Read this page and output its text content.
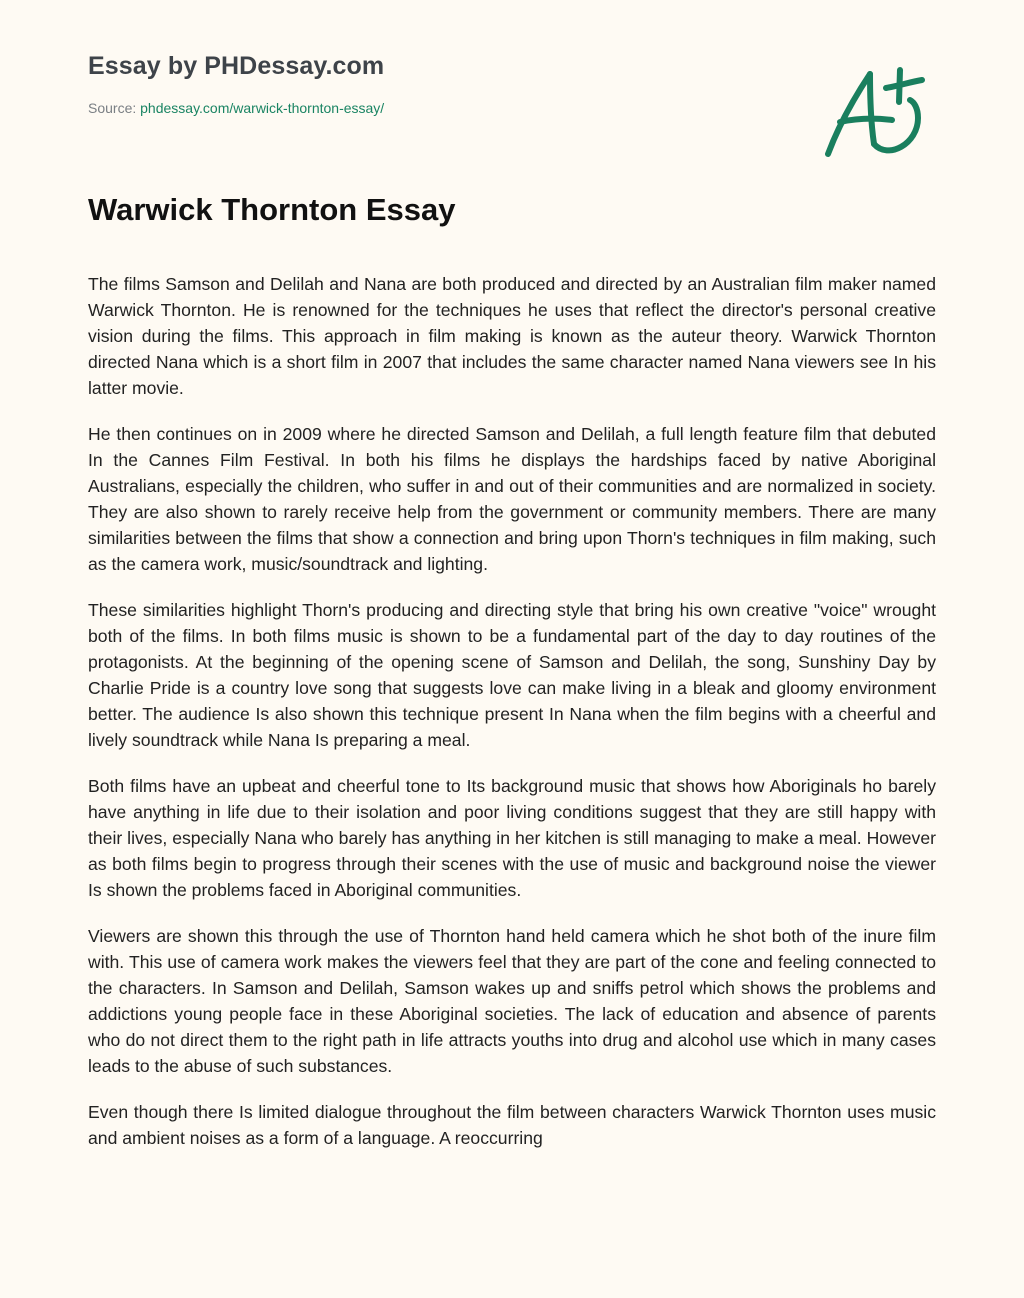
Essay by PHDessay.com
Source: phdessay.com/warwick-thornton-essay/
Warwick Thornton Essay

The films Samson and Delilah and Nana are both produced and directed by an Australian film maker named Warwick Thornton. He is renowned for the techniques he uses that reflect the director's personal creative vision during the films. This approach in film making is known as the auteur theory. Warwick Thornton directed Nana which is a short film in 2007 that includes the same character named Nana viewers see In his latter movie.

He then continues on in 2009 where he directed Samson and Delilah, a full length feature film that debuted In the Cannes Film Festival. In both his films he displays the hardships faced by native Aboriginal Australians, especially the children, who suffer in and out of their communities and are normalized in society. They are also shown to rarely receive help from the government or community members. There are many similarities between the films that show a connection and bring upon Thorn's techniques in film making, such as the camera work, music/soundtrack and lighting.

These similarities highlight Thorn's producing and directing style that bring his own creative "voice" wrought both of the films. In both films music is shown to be a fundamental part of the day to day routines of the protagonists. At the beginning of the opening scene of Samson and Delilah, the song, Sunshiny Day by Charlie Pride is a country love song that suggests love can make living in a bleak and gloomy environment better. The audience Is also shown this technique present In Nana when the film begins with a cheerful and lively soundtrack while Nana Is preparing a meal.

Both films have an upbeat and cheerful tone to Its background music that shows how Aboriginals ho barely have anything in life due to their isolation and poor living conditions suggest that they are still happy with their lives, especially Nana who barely has anything in her kitchen is still managing to make a meal. However as both films begin to progress through their scenes with the use of music and background noise the viewer Is shown the problems faced in Aboriginal communities.

Viewers are shown this through the use of Thornton hand held camera which he shot both of the inure film with. This use of camera work makes the viewers feel that they are part of the cone and feeling connected to the characters. In Samson and Delilah, Samson wakes up and sniffs petrol which shows the problems and addictions young people face in these Aboriginal societies. The lack of education and absence of parents who do not direct them to the right path in life attracts youths into drug and alcohol use which in many cases leads to the abuse of such substances.

Even though there Is limited dialogue throughout the film between characters Warwick Thornton uses music and ambient noises as a form of a language. A reoccurring
